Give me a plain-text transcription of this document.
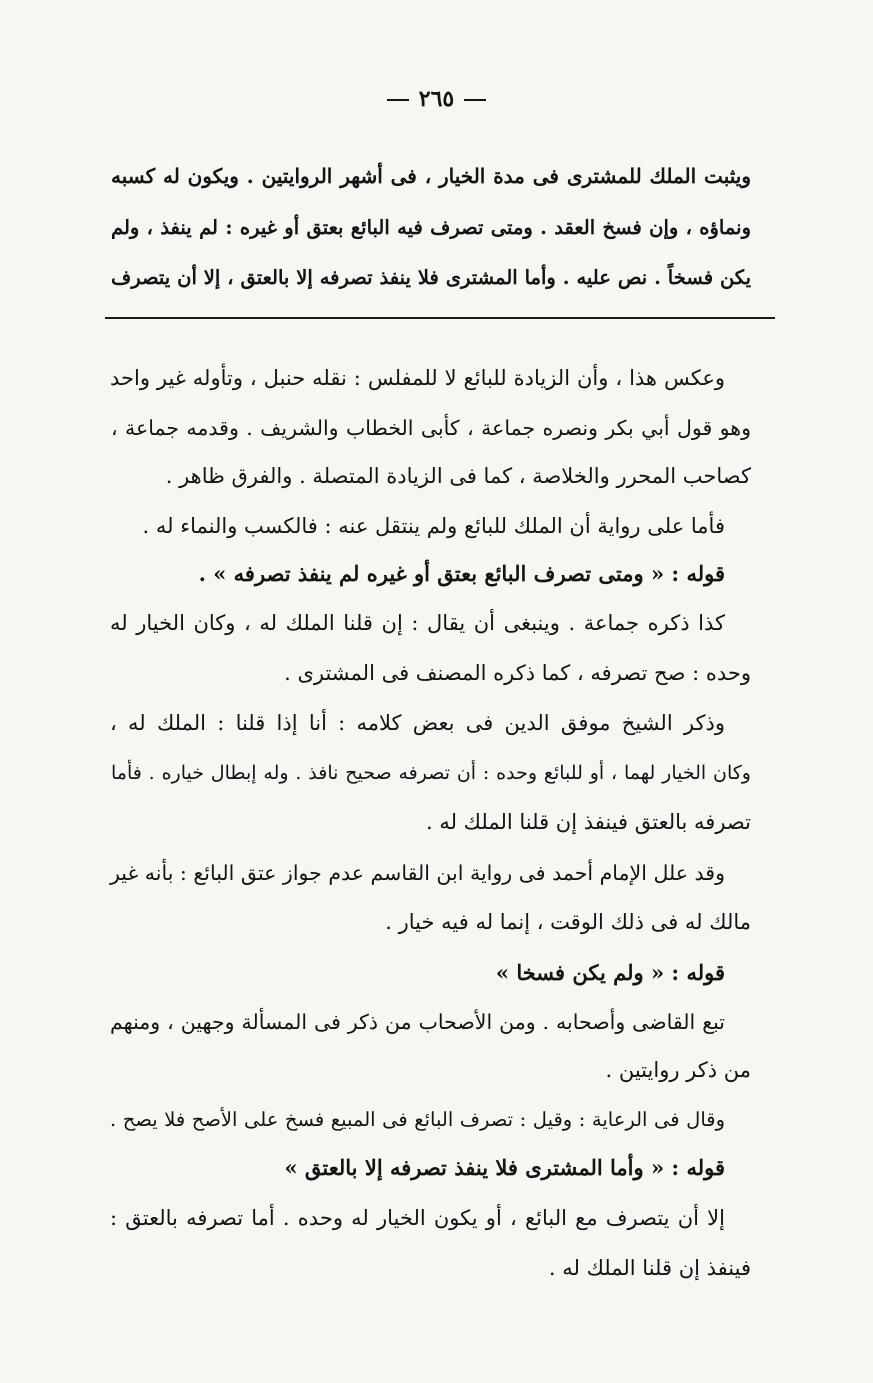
٢٦٥
ويثبت الملك للمشترى فى مدة الخيار ، فى أشهر الروايتين . ويكون له كسبه
ونماؤه ، وإن فسخ العقد . ومتى تصرف فيه البائع بعتق أو غيره : لم ينفذ ، ولم
يكن فسخاً . نص عليه . وأما المشترى فلا ينفذ تصرفه إلا بالعتق ، إلا أن يتصرف
وعكس هذا ، وأن الزيادة للبائع لا للمفلس : نقله حنبل ، وتأوله غير واحد
وهو قول أبي بكر ونصره جماعة ، كأبى الخطاب والشريف . وقدمه جماعة ،
كصاحب المحرر والخلاصة ، كما فى الزيادة المتصلة . والفرق ظاهر .
فأما على رواية أن الملك للبائع ولم ينتقل عنه : فالكسب والنماء له .
قوله : « ومتى تصرف البائع بعتق أو غيره لم ينفذ تصرفه » .
كذا ذكره جماعة . وينبغى أن يقال : إن قلنا الملك له ، وكان الخيار له
وحده : صح تصرفه ، كما ذكره المصنف فى المشترى .
وذكر الشيخ موفق الدين فى بعض كلامه : أنا إذا قلنا : الملك له ،
وكان الخيار لهما ، أو للبائع وحده : أن تصرفه صحيح نافذ . وله إبطال خياره . فأما
تصرفه بالعتق فينفذ إن قلنا الملك له .
وقد علل الإمام أحمد فى رواية ابن القاسم عدم جواز عتق البائع : بأنه غير
مالك له فى ذلك الوقت ، إنما له فيه خيار .
قوله : « ولم يكن فسخا »
تبع القاضى وأصحابه . ومن الأصحاب من ذكر فى المسألة وجهين ، ومنهم
من ذكر روايتين .
وقال فى الرعاية : وقيل : تصرف البائع فى المبيع فسخ على الأصح فلا يصح .
قوله : « وأما المشترى فلا ينفذ تصرفه إلا بالعتق »
إلا أن يتصرف مع البائع ، أو يكون الخيار له وحده . أما تصرفه بالعتق :
فينفذ إن قلنا الملك له .
